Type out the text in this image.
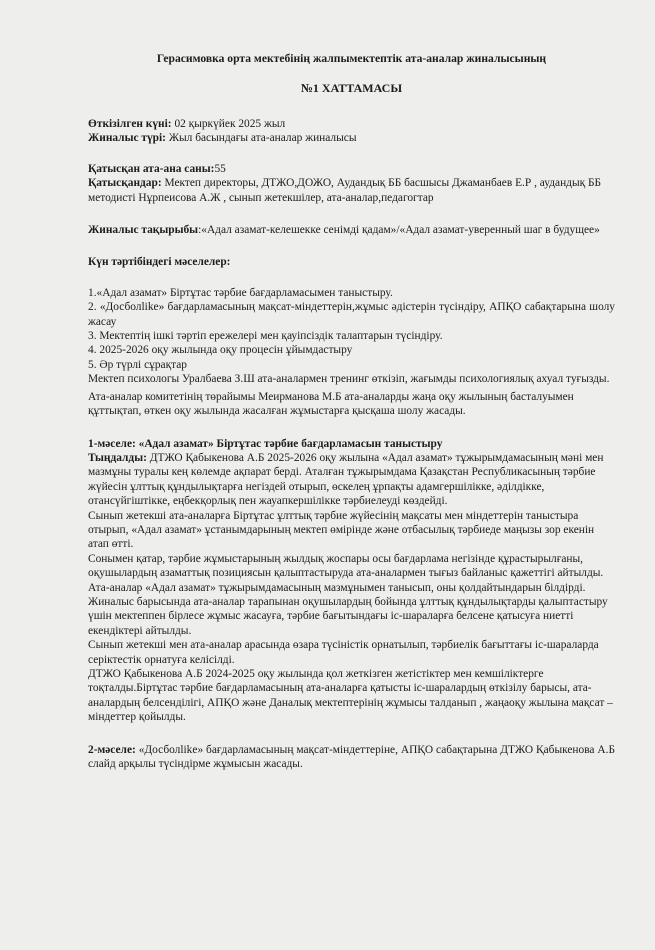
Герасимовка орта мектебінің жалпымектептік ата-аналар жиналысының
№1 ХАТТАМАСЫ

Өткізілген күні: 02 қыркүйек 2025 жыл

Жиналыс түрі: Жыл басындағы ата-аналар жиналысы

Қатысқан ата-ана саны:55

Қатысқандар: Мектеп директоры, ДТЖО,ДОЖО, Аудандық ББ басшысы Джаманбаев Е.Р , аудандық ББ методисті Нұрпеисова А.Ж , сынып жетекшілер, ата-аналар,педагогтар

Жиналыс тақырыбы:«Адал азамат-келешекке сенімді қадам»/«Адал азамат-уверенный шаг в будущее»

Күн тәртібіндегі мәселелер:

1.«Адал азамат» Біртұтас тәрбие бағдарламасымен таныстыру.

2. «Досболlike» бағдарламасының мақсат-міндеттерін,жұмыс әдістерін түсіндіру, АПҚО сабақтарына шолу жасау

3. Мектептің ішкі тәртіп ережелері мен қауіпсіздік талаптарын түсіндіру.

4. 2025-2026 оқу жылында оқу процесін ұйымдастыру

5. Әр түрлі сұрақтар

Мектеп психологы Уралбаева З.Ш ата-аналармен тренинг өткізіп, жағымды психологиялық ахуал туғызды.

Ата-аналар комитетінің төрайымы Меирманова М.Б ата-аналарды жаңа оқу жылының басталуымен құттықтап, өткен оқу жылында жасалған жұмыстарға қысқаша шолу жасады.

1-мәселе: «Адал азамат» Біртұтас тәрбие бағдарламасын таныстыру

Тыңдалды: ДТЖО Қабыкенова А.Б 2025-2026 оқу жылына «Адал азамат» тұжырымдамасының мәні мен мазмұны туралы кең көлемде ақпарат берді. Аталған тұжырымдама Қазақстан Республикасының тәрбие жүйесін ұлттық құндылықтарға негіздей отырып, өскелең ұрпақты адамгершілікке, әділдікке, отансүйгіштікке, еңбекқорлық пен жауапкершілікке тәрбиелеуді көздейді.

Сынып жетекші ата-аналарға Біртұтас ұлттық тәрбие жүйесінің мақсаты мен міндеттерін таныстыра отырып, «Адал азамат» ұстанымдарының мектеп өмірінде және отбасылық тәрбиеде маңызы зор екенін атап өтті.

Сонымен қатар, тәрбие жұмыстарының жылдық жоспары осы бағдарлама негізінде құрастырылғаны, оқушылардың азаматтық позициясын қалыптастыруда ата-аналармен тығыз байланыс қажеттігі айтылды. Ата-аналар «Адал азамат» тұжырымдамасының мазмұнымен танысып, оны қолдайтындарын білдірді.

Жиналыс барысында ата-аналар тарапынан оқушылардың бойында ұлттық құндылықтарды қалыптастыру үшін мектеппен бірлесе жұмыс жасауға, тәрбие бағытындағы іс-шараларға белсене қатысуға ниетті екендіктері айтылды.

Сынып жетекші мен ата-аналар арасында өзара түсіністік орнатылып, тәрбиелік бағыттағы іс-шараларда серіктестік орнатуға келісілді.

ДТЖО Қабыкенова А.Б 2024-2025 оқу жылында қол жеткізген жетістіктер мен кемшіліктерге тоқталды.Біртұтас тәрбие бағдарламасының ата-аналарға қатысты іс-шаралардың өткізілу барысы, ата-аналардың белсенділігі, АПҚО және Даналық мектептерінің жұмысы талданып , жаңаоқу жылына мақсат –міндеттер қойылды.

2-мәселе: «Досболlike» бағдарламасының мақсат-міндеттеріне, АПҚО сабақтарына ДТЖО Қабыкенова А.Б слайд арқылы түсіндірме жұмысын жасады.
